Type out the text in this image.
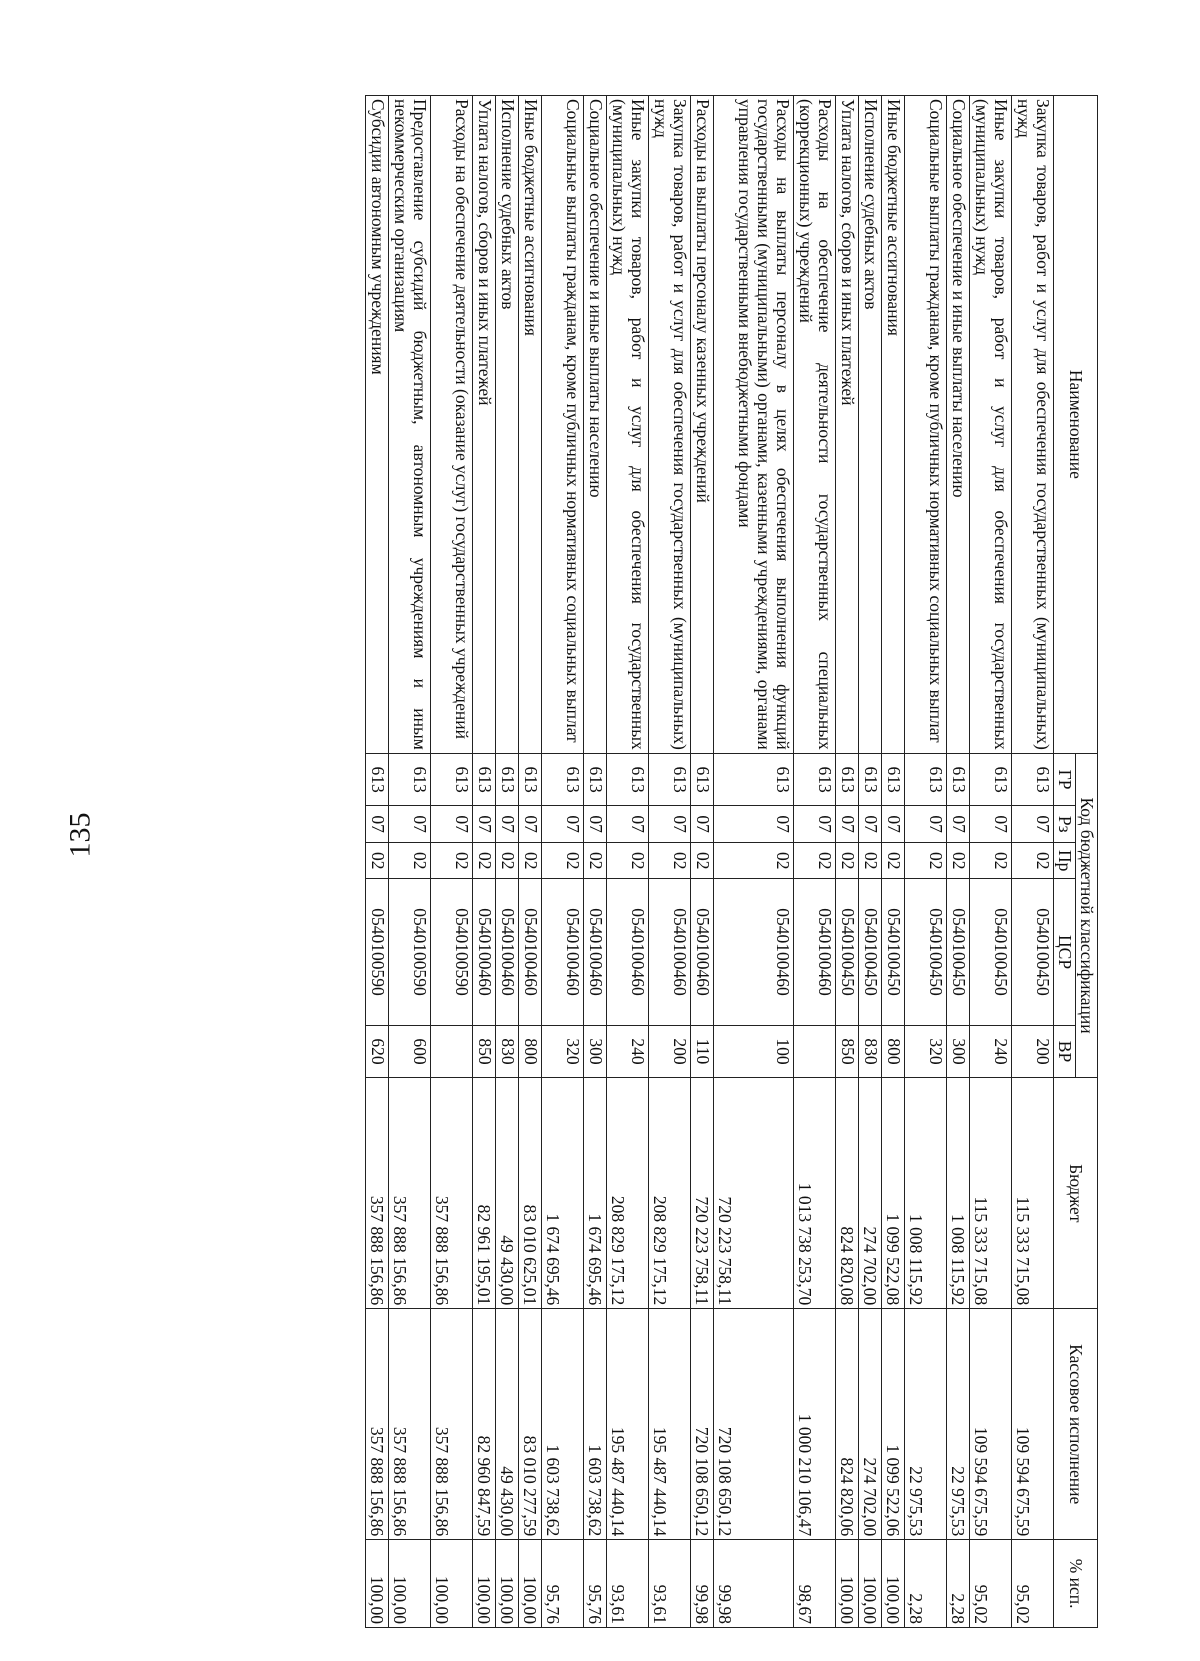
135
Наименование	Код бюджетной классификации					Бюджет	Кассовое исполнение	% исп.
	ГР	Рз	Пр	ЦСР	ВР			
Закупка товаров, работ и услуг для обеспечения государственных (муниципальных) нужд	613	07	02	0540100450	200	115 333 715,08	109 594 675,59	95,02
Иные закупки товаров, работ и услуг для обеспечения государственных (муниципальных) нужд	613	07	02	0540100450	240	115 333 715,08	109 594 675,59	95,02
Социальное обеспечение и иные выплаты населению	613	07	02	0540100450	300	1 008 115,92	22 975,53	2,28
Социальные выплаты гражданам, кроме публичных нормативных социальных выплат	613	07	02	0540100450	320	1 008 115,92	22 975,53	2,28
Иные бюджетные ассигнования	613	07	02	0540100450	800	1 099 522,08	1 099 522,06	100,00
Исполнение судебных актов	613	07	02	0540100450	830	274 702,00	274 702,00	100,00
Уплата налогов, сборов и иных платежей	613	07	02	0540100450	850	824 820,08	824 820,06	100,00
Расходы на обеспечение деятельности государственных специальных (коррекционных) учреждений	613	07	02	0540100460		1 013 738 253,70	1 000 210 106,47	98,67
Расходы на выплаты персоналу в целях обеспечения выполнения функций государственными (муниципальными) органами, казенными учреждениями, органами управления государственными внебюджетными фондами	613	07	02	0540100460	100	720 223 758,11	720 108 650,12	99,98
Расходы на выплаты персоналу казенных учреждений	613	07	02	0540100460	110	720 223 758,11	720 108 650,12	99,98
Закупка товаров, работ и услуг для обеспечения государственных (муниципальных) нужд	613	07	02	0540100460	200	208 829 175,12	195 487 440,14	93,61
Иные закупки товаров, работ и услуг для обеспечения государственных (муниципальных) нужд	613	07	02	0540100460	240	208 829 175,12	195 487 440,14	93,61
Социальное обеспечение и иные выплаты населению	613	07	02	0540100460	300	1 674 695,46	1 603 738,62	95,76
Социальные выплаты гражданам, кроме публичных нормативных социальных выплат	613	07	02	0540100460	320	1 674 695,46	1 603 738,62	95,76
Иные бюджетные ассигнования	613	07	02	0540100460	800	83 010 625,01	83 010 277,59	100,00
Исполнение судебных актов	613	07	02	0540100460	830	49 430,00	49 430,00	100,00
Уплата налогов, сборов и иных платежей	613	07	02	0540100460	850	82 961 195,01	82 960 847,59	100,00
Расходы на обеспечение деятельности (оказание услуг) государственных учреждений	613	07	02	0540100590		357 888 156,86	357 888 156,86	100,00
Предоставление субсидий бюджетным, автономным учреждениям и иным некоммерческим организациям	613	07	02	0540100590	600	357 888 156,86	357 888 156,86	100,00
Субсидии автономным учреждениям	613	07	02	0540100590	620	357 888 156,86	357 888 156,86	100,00
